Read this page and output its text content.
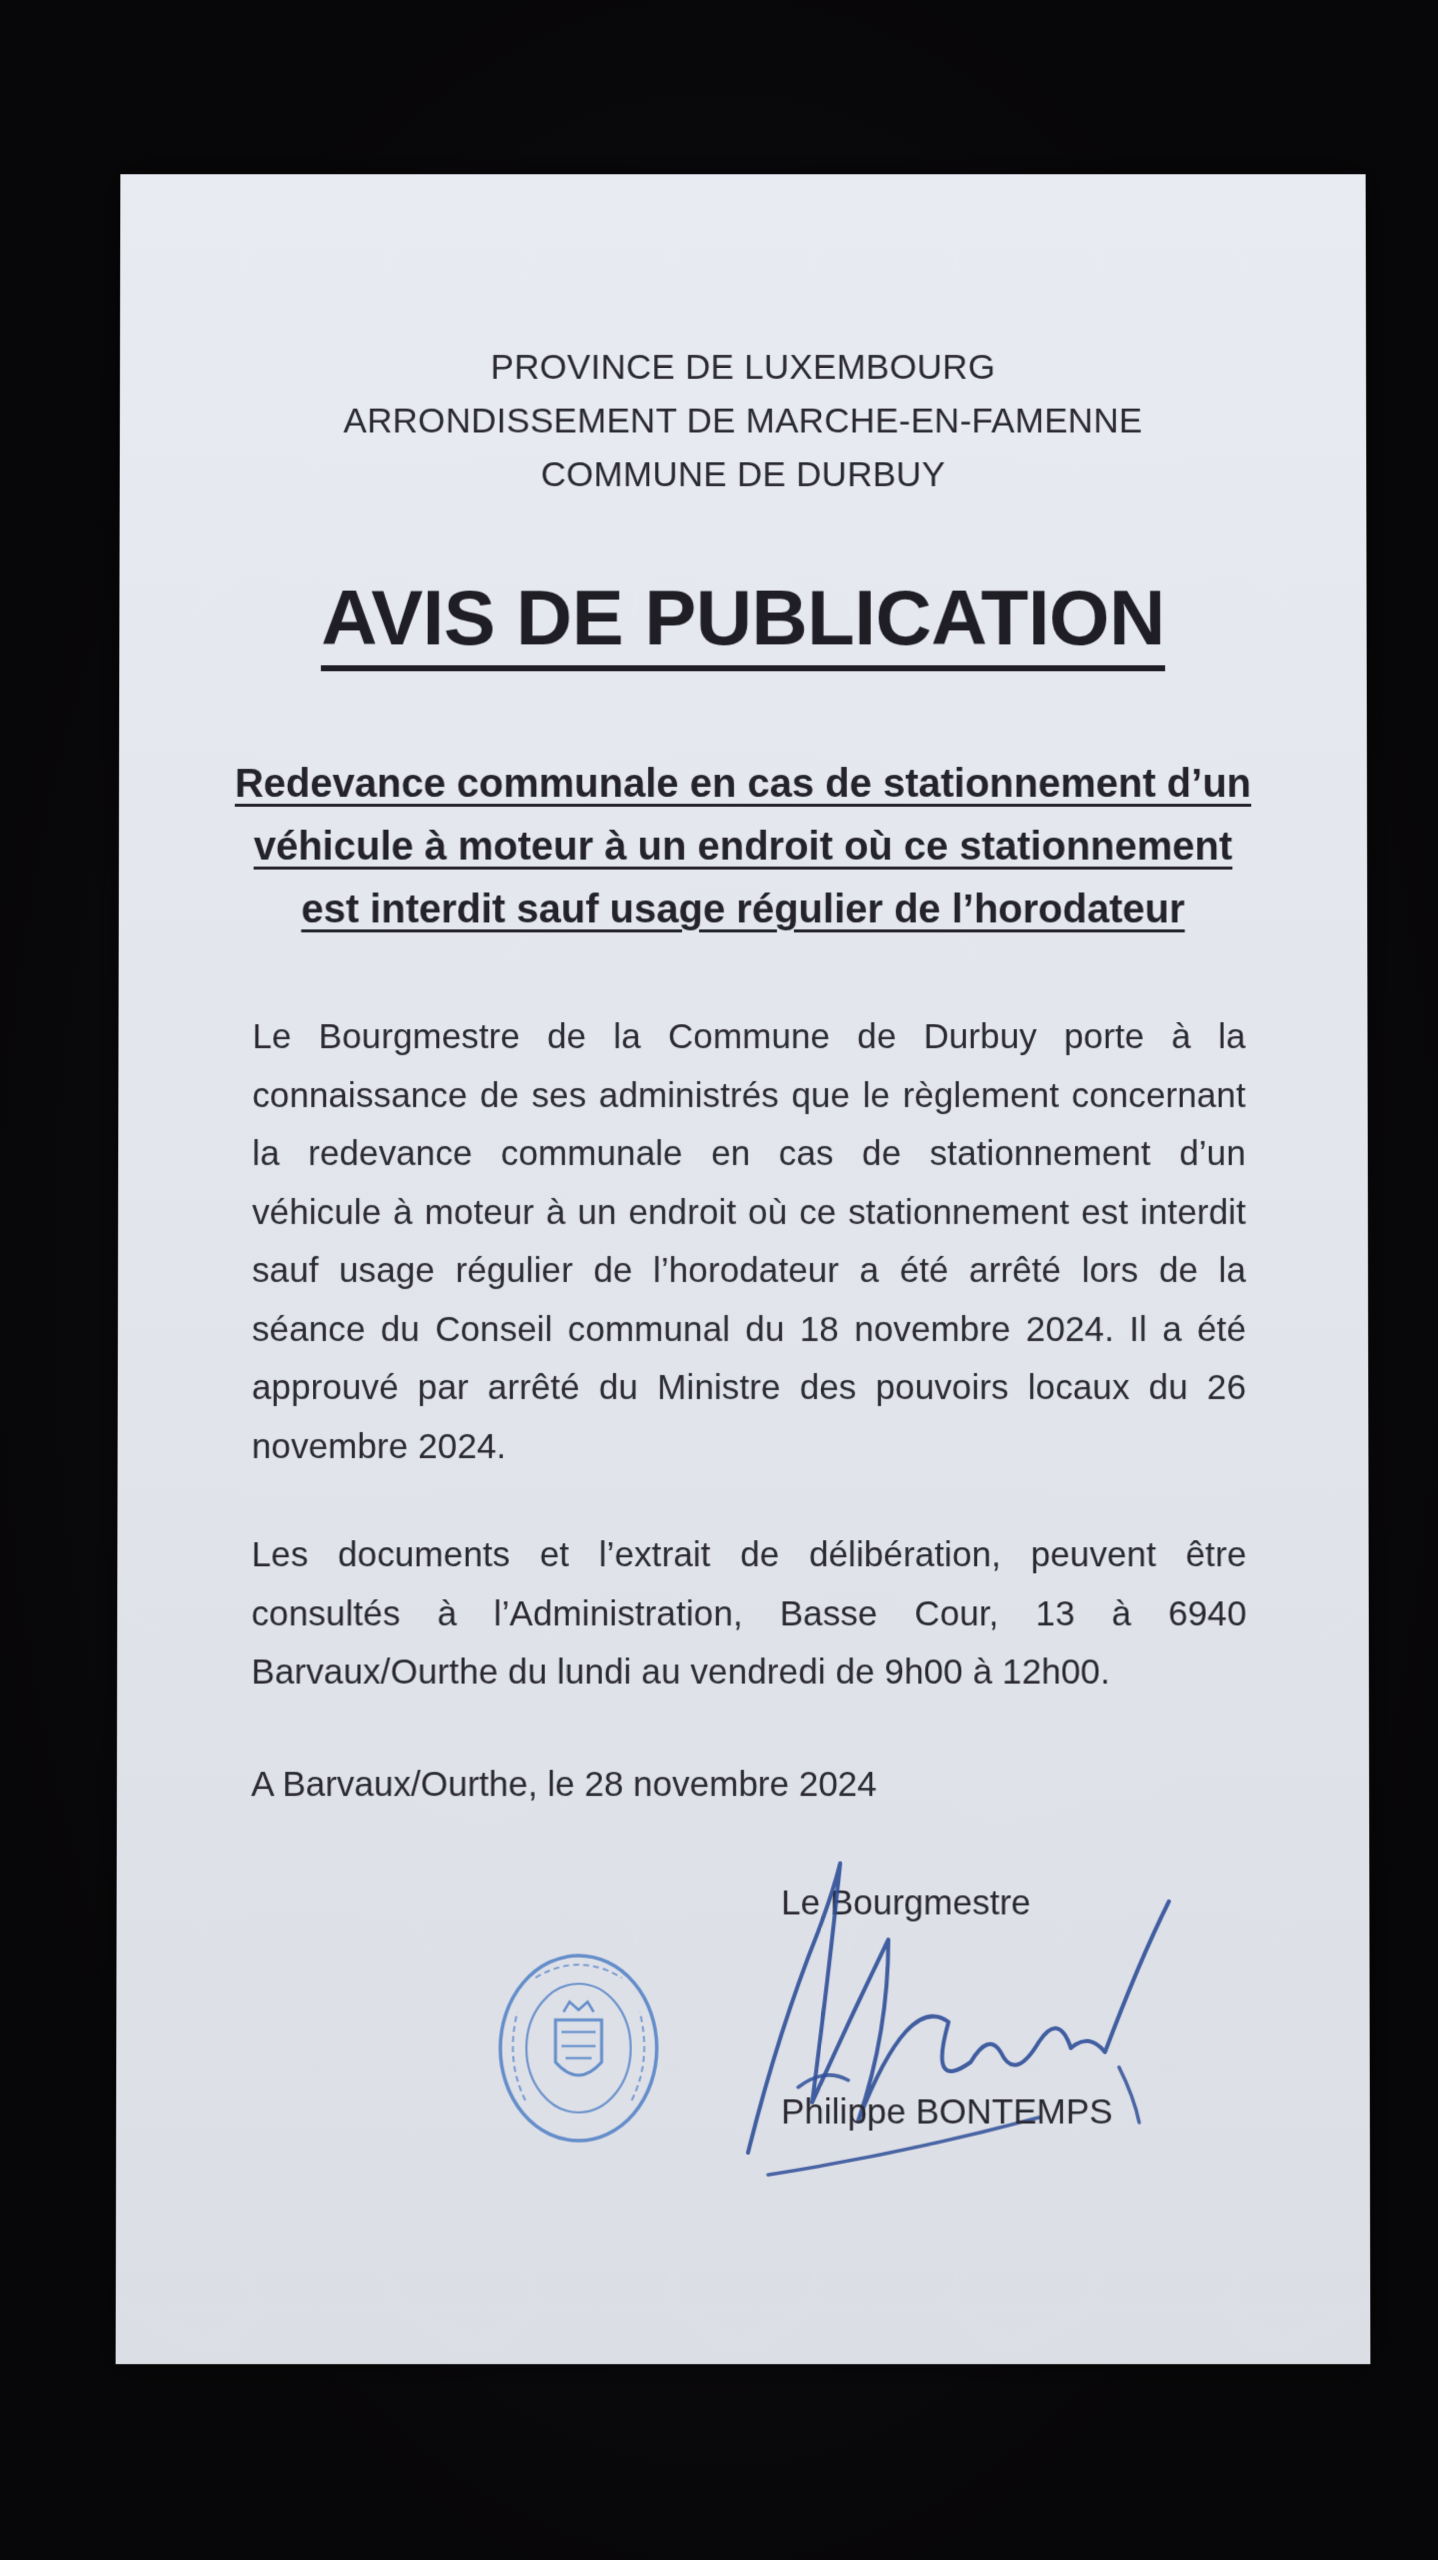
PROVINCE DE LUXEMBOURG
ARRONDISSEMENT DE MARCHE-EN-FAMENNE
COMMUNE DE DURBUY
AVIS DE PUBLICATION
Redevance communale en cas de stationnement d’un
véhicule à moteur à un endroit où ce stationnement
est interdit sauf usage régulier de l’horodateur
Le Bourgmestre de la Commune de Durbuy porte à la connaissance de ses administrés que le règlement concernant la redevance communale en cas de stationnement d’un véhicule à moteur à un endroit où ce stationnement est interdit sauf usage régulier de l’horodateur a été arrêté lors de la séance du Conseil communal du 18 novembre 2024. Il a été approuvé par arrêté du Ministre des pouvoirs locaux du 26 novembre 2024.
Les documents et l’extrait de délibération, peuvent être consultés à l’Administration, Basse Cour, 13 à 6940 Barvaux/Ourthe du lundi au vendredi de 9h00 à 12h00.
A Barvaux/Ourthe, le 28 novembre 2024
Le Bourgmestre
Philippe BONTEMPS
